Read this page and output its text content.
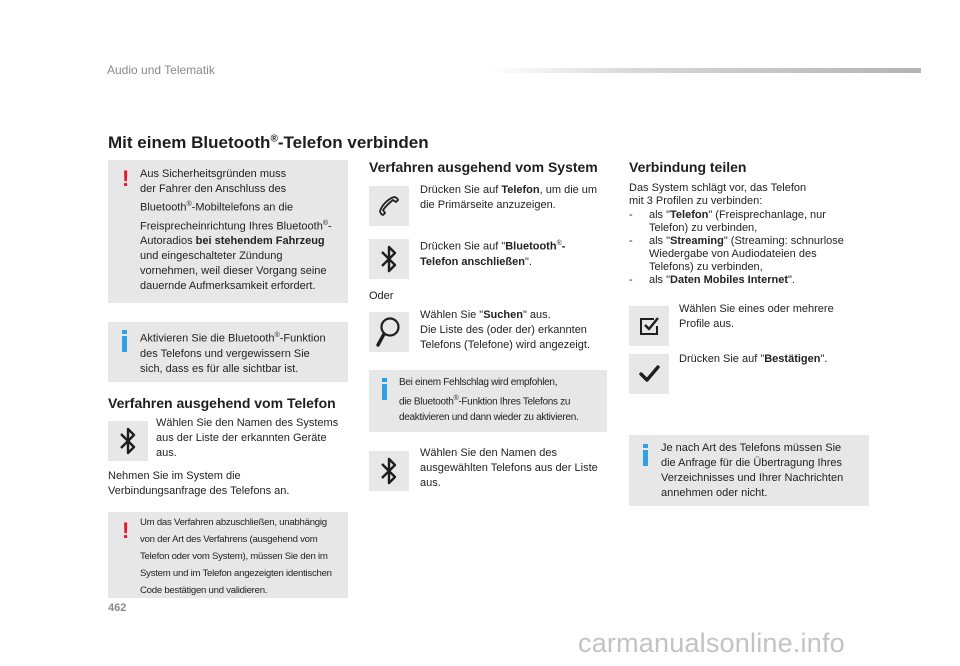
Audio und Telematik
Mit einem Bluetooth®-Telefon verbinden
! Aus Sicherheitsgründen muss
der Fahrer den Anschluss des
Bluetooth®-Mobiltelefons an die
Freisprecheinrichtung Ihres Bluetooth®-
Autoradios bei stehendem Fahrzeug
und eingeschalteter Zündung
vornehmen, weil dieser Vorgang seine
dauernde Aufmerksamkeit erfordert.
Aktivieren Sie die Bluetooth®-Funktion
des Telefons und vergewissern Sie
sich, dass es für alle sichtbar ist.
Verfahren ausgehend vom Telefon
Wählen Sie den Namen des Systems
aus der Liste der erkannten Geräte
aus.
Nehmen Sie im System die
Verbindungsanfrage des Telefons an.
! Um das Verfahren abzuschließen, unabhängig
von der Art des Verfahrens (ausgehend vom
Telefon oder vom System), müssen Sie den im
System und im Telefon angezeigten identischen
Code bestätigen und validieren.
Verfahren ausgehend vom System
Drücken Sie auf Telefon, um die um
die Primärseite anzuzeigen.
Drücken Sie auf "Bluetooth®-
Telefon anschließen".
Oder
Wählen Sie "Suchen" aus.
Die Liste des (oder der) erkannten
Telefons (Telefone) wird angezeigt.
Bei einem Fehlschlag wird empfohlen,
die Bluetooth®-Funktion Ihres Telefons zu
deaktivieren und dann wieder zu aktivieren.
Wählen Sie den Namen des
ausgewählten Telefons aus der Liste
aus.
Verbindung teilen
Das System schlägt vor, das Telefon
mit 3 Profilen zu verbinden:
-	als "Telefon" (Freisprechanlage, nur
Telefon) zu verbinden,
-	als "Streaming" (Streaming: schnurlose
Wiedergabe von Audiodateien des
Telefons) zu verbinden,
-	als "Daten Mobiles Internet".
Wählen Sie eines oder mehrere
Profile aus.
Drücken Sie auf "Bestätigen".
Je nach Art des Telefons müssen Sie
die Anfrage für die Übertragung Ihres
Verzeichnisses und Ihrer Nachrichten
annehmen oder nicht.
462
carmanualsonline.info
